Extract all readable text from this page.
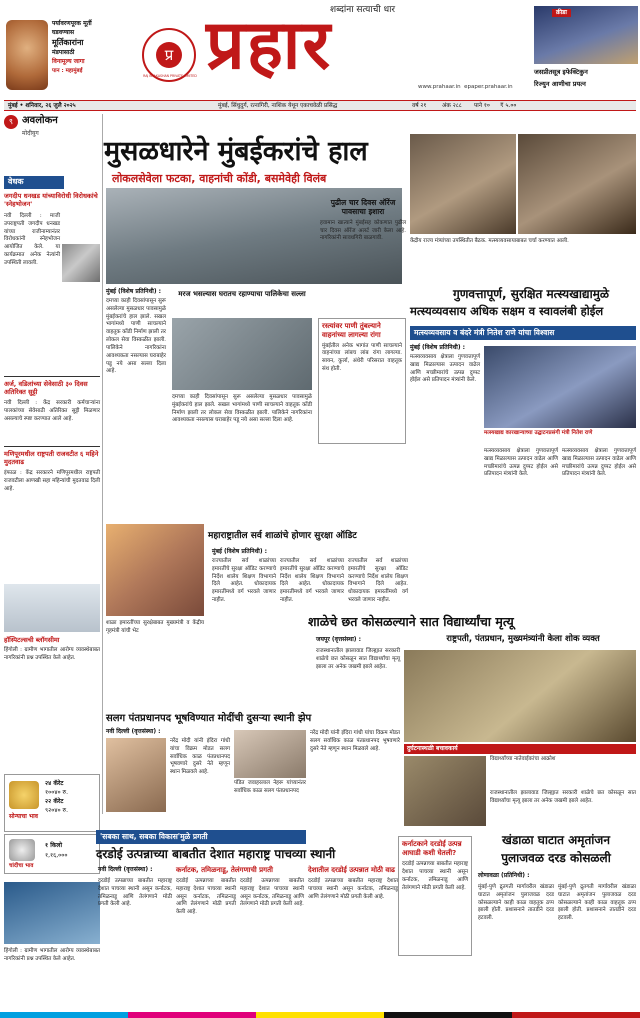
पर्यावरणपूरक मूर्ती
घडवण्यास
मूर्तिकारांना
मंडपासाठी
विनामूल्य जागा
पान : महामुंबई
शब्दांना सत्याची धार
प्र
RAJ BRAKASHAN PRIVATE LIMITED प्रहार
www.prahaar.in epaper.prahaar.in
क्रीडा
जसप्रीतसूत्र इफेक्टिकुन
रिज्युन आणीचा प्रयत्न
मुंबई • शनिवार, २६ जुलै २०२५	मुंबई, सिंधुदुर्ग, रत्नागिरी, नाशिक येथून एकाचवेळी प्रसिद्ध	वर्ष २१	अंक २८८ पाने १० ₹ ५.००
९ अवलोकन
मोदीयुग
वेधक
जगदीप धनखड यांच्याविरोधी विरोधकांचे 'स्नेहभोजन'
नवी दिल्ली : माजी उपराष्ट्रपती जगदीप धनखड यांच्या राजीनाम्यानंतर विरोधकांनी स्नेहभोजन आयोजित केले. या कार्यक्रमात अनेक नेत्यांनी उपस्थिती लावली.
अर्ज, वडिलांच्या सेवेसाठी ३० दिवस अतिरिक्त सुट्टी
नवी दिल्ली : केंद्र सरकारी कर्मचाऱ्यांना पालकांच्या सेवेसाठी अतिरिक्त सुट्टी मिळणार असल्याचे स्पष्ट करण्यात आले आहे.
मणिपूरमधील राष्ट्रपती राजवटीत ६ महिने मुदतवाढ
इंफाळ : केंद्र सरकारने मणिपूरमधील राष्ट्रपती राजवटीला आणखी सहा महिन्यांची मुदतवाढ दिली आहे.
हॉस्पिटल्सची ब्लॉगसीमा
हिंगोली : ग्रामीण भागातील आरोग्य व्यवस्थेबाबत नागरिकांनी प्रश्न उपस्थित केले आहेत.
सोन्याचा भाव
२४ कॅरेट
१००४० रु.
२२ कॅरेट
९२०४० रु.
चांदीचा भाव
१ किलो
१,१६,०००
हिंगोली : ग्रामीण भागातील आरोग्य व्यवस्थेबाबत नागरिकांनी प्रश्न उपस्थित केले आहेत.
मुसळधारेने मुंबईकरांचे हाल
लोकलसेवेला फटका, वाहनांची कोंडी, बसमेवेही विलंब
मुंबई (विशेष प्रतिनिधी) :
दमच्या काही दिवसांपासून सुरू असलेल्या मुसळधार पावसामुळे मुंबईकरांचे हाल झाले. सखल भागांमध्ये पाणी साचल्याने वाहतूक कोंडी निर्माण झाली तर लोकल सेवा विस्कळीत झाली. पालिकेने नागरिकांना आवश्यकता नसल्यास घराबाहेर पडू नये असा सल्ला दिला आहे.
मरज भसल्यास घरातच रहाण्याचा पालिकेचा सल्ला
दमच्या काही दिवसांपासून सुरू असलेल्या मुसळधार पावसामुळे मुंबईकरांचे हाल झाले. सखल भागांमध्ये पाणी साचल्याने वाहतूक कोंडी निर्माण झाली तर लोकल सेवा विस्कळीत झाली. पालिकेने नागरिकांना आवश्यकता नसल्यास घराबाहेर पडू नये असा सल्ला दिला आहे.
रस्त्यांवर पाणी तुंबल्याने वाहनांच्या लागल्या रांगा
मुंबईतील अनेक भागांत पाणी साचल्याने वाहनांच्या लांबच लांब रांगा लागल्या. सायन, कुर्ला, अंधेरी परिसरात वाहतूक संथ होती.
पुढील चार दिवस ऑरेंज पावसाचा इशारा
हवामान खात्याने मुंबईसह कोकणात पुढील चार दिवस ऑरेंज अलर्ट जारी केला आहे. नागरिकांनी सावधगिरी बाळगावी.	केंद्रीय राज्य मंत्र्यांच्या उपस्थितीत बैठक. मत्स्यव्यवसायाबाबत चर्चा करण्यात आली.
गुणवत्तापूर्ण, सुरक्षित मत्स्यखाद्यामुळे
मत्स्यव्यवसाय अधिक सक्षम व स्वावलंबी होईल
मत्स्यव्यवसाय व बंदरे मंत्री नितेश राणे यांचा विश्वास
मुंबई (विशेष प्रतिनिधी) :
मत्स्यव्यवसाय क्षेत्राला गुणवत्तापूर्ण खाद्य मिळाल्यास उत्पादन वाढेल आणि मच्छीमारांचे उत्पन्न दुप्पट होईल असे प्रतिपादन मंत्र्यांनी केले.
मत्स्यखाद्य कारखान्याच्या उद्घाटनप्रसंगी मंत्री नितेश राणे
मत्स्यव्यवसाय क्षेत्राला गुणवत्तापूर्ण खाद्य मिळाल्यास उत्पादन वाढेल आणि मच्छीमारांचे उत्पन्न दुप्पट होईल असे प्रतिपादन मंत्र्यांनी केले.
मत्स्यव्यवसाय क्षेत्राला गुणवत्तापूर्ण खाद्य मिळाल्यास उत्पादन वाढेल आणि मच्छीमारांचे उत्पन्न दुप्पट होईल असे प्रतिपादन मंत्र्यांनी केले.
महाराष्ट्रातील सर्व शाळांचे होणार सुरक्षा ऑडिट
शाळा इमारतींच्या सुरक्षेबाबत मुख्यमंत्री व केंद्रीय गृहमंत्री यांची भेट
मुंबई (विशेष प्रतिनिधी) :
राज्यातील सर्व शाळांच्या इमारतींचे सुरक्षा ऑडिट करण्याचे निर्देश शालेय शिक्षण विभागाने दिले आहेत. धोकादायक इमारतींमध्ये वर्ग भरवले जाणार नाहीत.
राज्यातील सर्व शाळांच्या इमारतींचे सुरक्षा ऑडिट करण्याचे निर्देश शालेय शिक्षण विभागाने दिले आहेत. धोकादायक इमारतींमध्ये वर्ग भरवले जाणार नाहीत.
राज्यातील सर्व शाळांच्या इमारतींचे सुरक्षा ऑडिट करण्याचे निर्देश शालेय शिक्षण विभागाने दिले आहेत. धोकादायक इमारतींमध्ये वर्ग भरवले जाणार नाहीत.
शाळेचे छत कोसळल्याने सात विद्यार्थ्यांचा मृत्यू
राष्ट्रपती, पंतप्रधान, मुख्यमंत्र्यांनी केला शोक व्यक्त
जयपूर (वृत्तसंस्था) :
राजस्थानातील झालावाड जिल्ह्यात सरकारी शाळेचे छत कोसळून सात विद्यार्थ्यांचा मृत्यू झाला तर अनेक जखमी झाले आहेत.
दुर्घटनास्थळी बचावकार्य
विद्यार्थ्यांच्या नातेवाईकांचा आक्रोश
राजस्थानातील झालावाड जिल्ह्यात सरकारी शाळेचे छत कोसळून सात विद्यार्थ्यांचा मृत्यू झाला तर अनेक जखमी झाले आहेत.
सलग पंतप्रधानपद भूषविण्यात मोदींची दुसऱ्या स्थानी झेप
नवी दिल्ली (वृत्तसंस्था) :
नरेंद्र मोदी यांनी इंदिरा गांधी यांचा विक्रम मोडत सलग सर्वाधिक काळ पंतप्रधानपद भूषवणारे दुसरे नेते म्हणून स्थान मिळवले आहे.
पंडित जवाहरलाल नेहरू यांच्यानंतर सर्वाधिक काळ सलग पंतप्रधानपद
नरेंद्र मोदी यांनी इंदिरा गांधी यांचा विक्रम मोडत सलग सर्वाधिक काळ पंतप्रधानपद भूषवणारे दुसरे नेते म्हणून स्थान मिळवले आहे.
'सबका साथ, सबका विकास'मुळे प्रगती
दरडोई उत्पन्नाच्या बाबतीत देशात महाराष्ट्र पाचव्या स्थानी
नवी दिल्ली (वृत्तसंस्था) :	कर्नाटक, तमिळनाडू, तेलंगणाची प्रगती	देशातील दरडोई उत्पन्नात मोठी वाढ
दरडोई उत्पन्नाच्या बाबतीत महाराष्ट्र देशात पाचव्या स्थानी असून कर्नाटक, तमिळनाडू आणि तेलंगणाने मोठी प्रगती केली आहे.
दरडोई उत्पन्नाच्या बाबतीत महाराष्ट्र देशात पाचव्या स्थानी असून कर्नाटक, तमिळनाडू आणि तेलंगणाने मोठी प्रगती केली आहे.
दरडोई उत्पन्नाच्या बाबतीत महाराष्ट्र देशात पाचव्या स्थानी असून कर्नाटक, तमिळनाडू आणि तेलंगणाने मोठी प्रगती केली आहे.
दरडोई उत्पन्नाच्या बाबतीत महाराष्ट्र देशात पाचव्या स्थानी असून कर्नाटक, तमिळनाडू आणि तेलंगणाने मोठी प्रगती केली आहे.
कर्नाटकाने दरडोई उत्पन्न आघाडी कशी घेतली?
दरडोई उत्पन्नाच्या बाबतीत महाराष्ट्र देशात पाचव्या स्थानी असून कर्नाटक, तमिळनाडू आणि तेलंगणाने मोठी प्रगती केली आहे.
खंडाळा घाटात अमृतांजन
पुलाजवळ दरड कोसळली
लोणावळा (प्रतिनिधी) :
मुंबई-पुणे द्रुतगती मार्गावरील खंडाळा घाटात अमृतांजन पुलाजवळ दरड कोसळल्याने काही काळ वाहतूक ठप्प झाली होती. प्रशासनाने तातडीने दरड हटवली.
मुंबई-पुणे द्रुतगती मार्गावरील खंडाळा घाटात अमृतांजन पुलाजवळ दरड कोसळल्याने काही काळ वाहतूक ठप्प झाली होती. प्रशासनाने तातडीने दरड हटवली.
